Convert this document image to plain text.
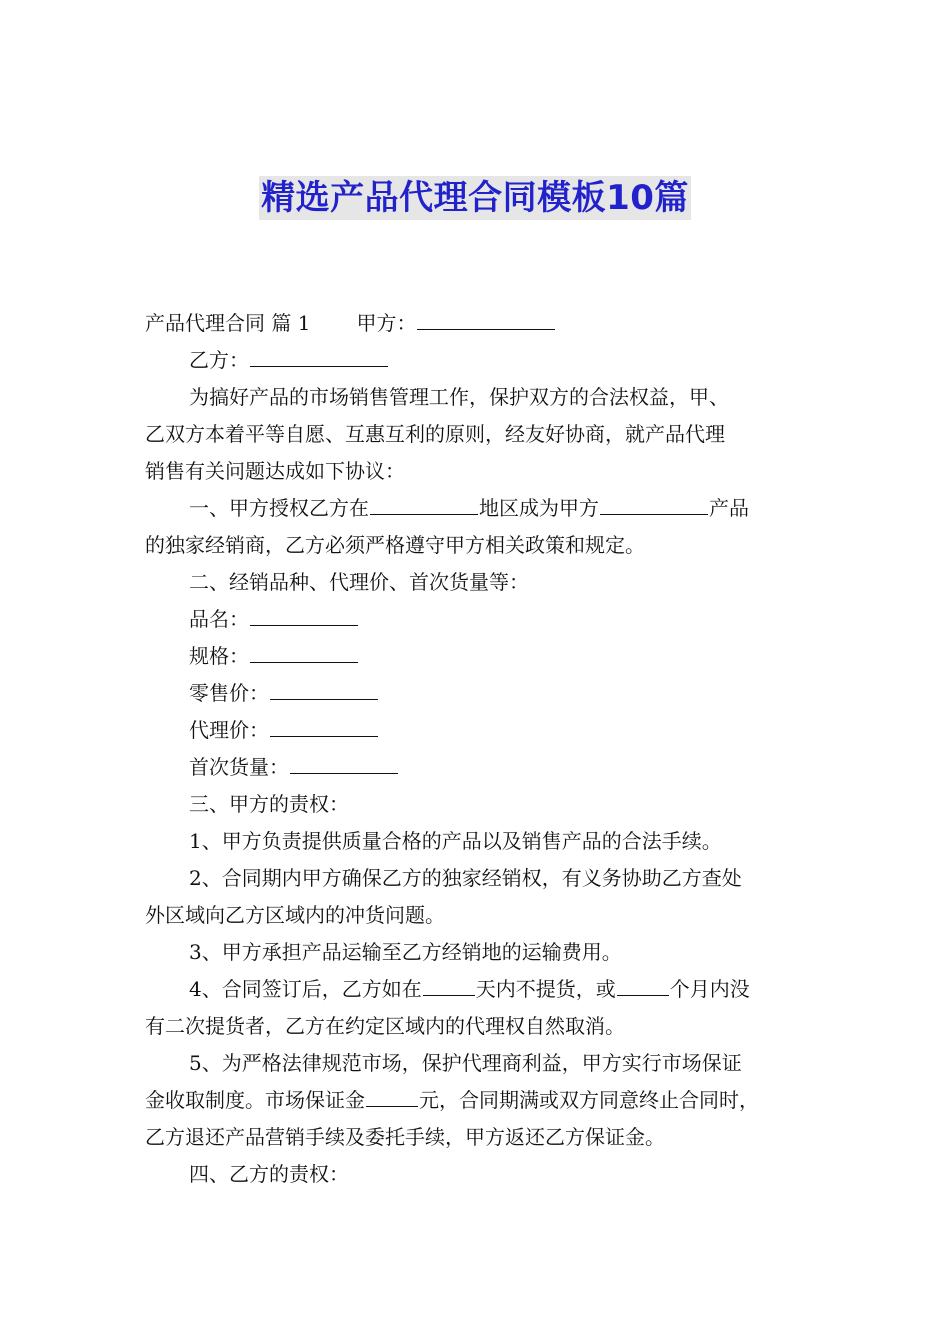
精选产品代理合同模板10篇
产品代理合同 篇 1 甲方：
乙方：
为搞好产品的市场销售管理工作，保护双方的合法权益，甲、
乙双方本着平等自愿、互惠互利的原则，经友好协商，就产品代理
销售有关问题达成如下协议：
一、甲方授权乙方在	地区成为甲方	产品
的独家经销商，乙方必须严格遵守甲方相关政策和规定。
二、经销品种、代理价、首次货量等：
品名：
规格：
零售价：
代理价：
首次货量：
三、甲方的责权：
1、甲方负责提供质量合格的产品以及销售产品的合法手续。
2、合同期内甲方确保乙方的独家经销权，有义务协助乙方查处
外区域向乙方区域内的冲货问题。
3、甲方承担产品运输至乙方经销地的运输费用。
4、合同签订后，乙方如在	天内不提货，或	个月内没
有二次提货者，乙方在约定区域内的代理权自然取消。
5、为严格法律规范市场，保护代理商利益，甲方实行市场保证
金收取制度。市场保证金	元，合同期满或双方同意终止合同时，
乙方退还产品营销手续及委托手续，甲方返还乙方保证金。
四、乙方的责权：
